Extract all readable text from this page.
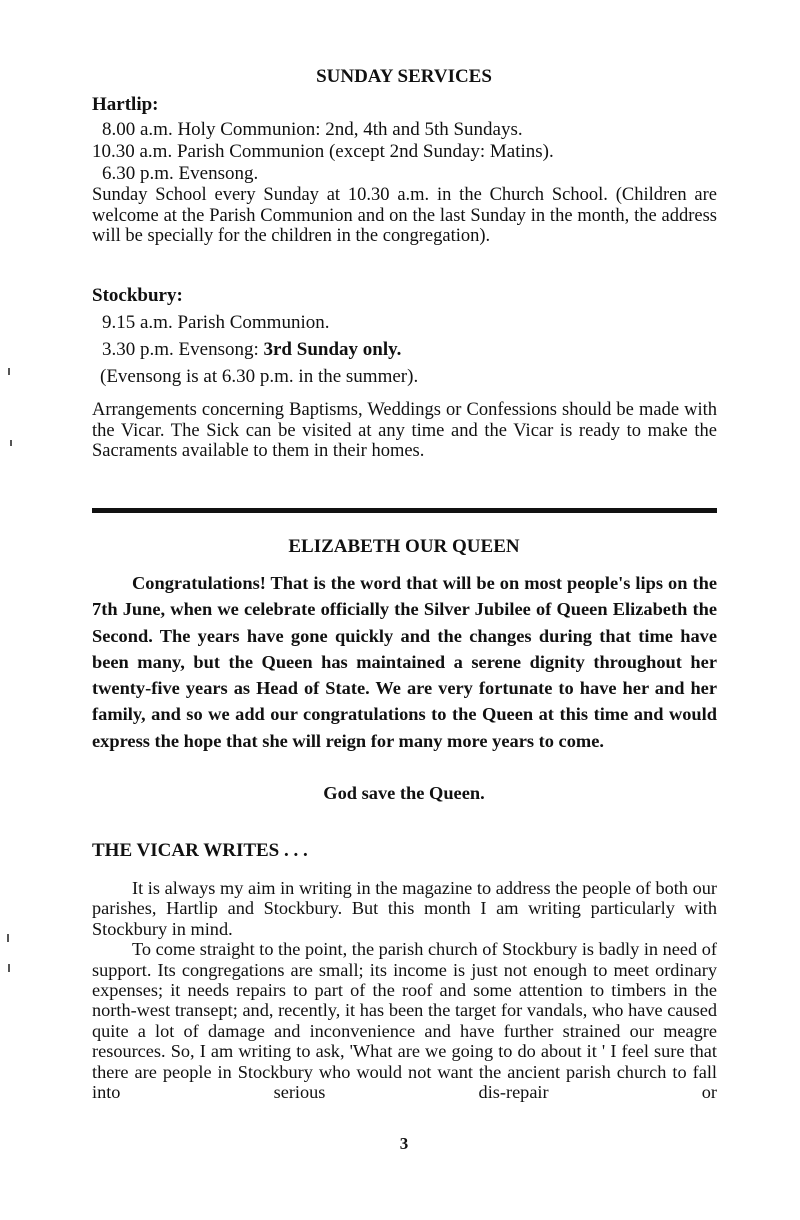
SUNDAY SERVICES
Hartlip:
8.00 a.m. Holy Communion: 2nd, 4th and 5th Sundays.
10.30 a.m. Parish Communion (except 2nd Sunday: Matins).
6.30 p.m. Evensong.
Sunday School every Sunday at 10.30 a.m. in the Church School. (Children are welcome at the Parish Communion and on the last Sunday in the month, the address will be specially for the children in the congregation).
Stockbury:
9.15 a.m. Parish Communion.
3.30 p.m. Evensong: 3rd Sunday only.
(Evensong is at 6.30 p.m. in the summer).
Arrangements concerning Baptisms, Weddings or Confessions should be made with the Vicar. The Sick can be visited at any time and the Vicar is ready to make the Sacraments available to them in their homes.
ELIZABETH OUR QUEEN
Congratulations! That is the word that will be on most people's lips on the 7th June, when we celebrate officially the Silver Jubilee of Queen Elizabeth the Second. The years have gone quickly and the changes during that time have been many, but the Queen has maintained a serene dignity throughout her twenty-five years as Head of State. We are very fortunate to have her and her family, and so we add our congratulations to the Queen at this time and would express the hope that she will reign for many more years to come.
God save the Queen.
THE VICAR WRITES . . .

It is always my aim in writing in the magazine to address the people of both our parishes, Hartlip and Stockbury. But this month I am writing particularly with Stockbury in mind.

To come straight to the point, the parish church of Stockbury is badly in need of support. Its congregations are small; its income is just not enough to meet ordinary expenses; it needs repairs to part of the roof and some attention to timbers in the north-west transept; and, recently, it has been the target for vandals, who have caused quite a lot of damage and inconvenience and have further strained our meagre resources. So, I am writing to ask, 'What are we going to do about it ' I feel sure that there are people in Stockbury who would not want the ancient parish church to fall into serious dis-repair or

3
